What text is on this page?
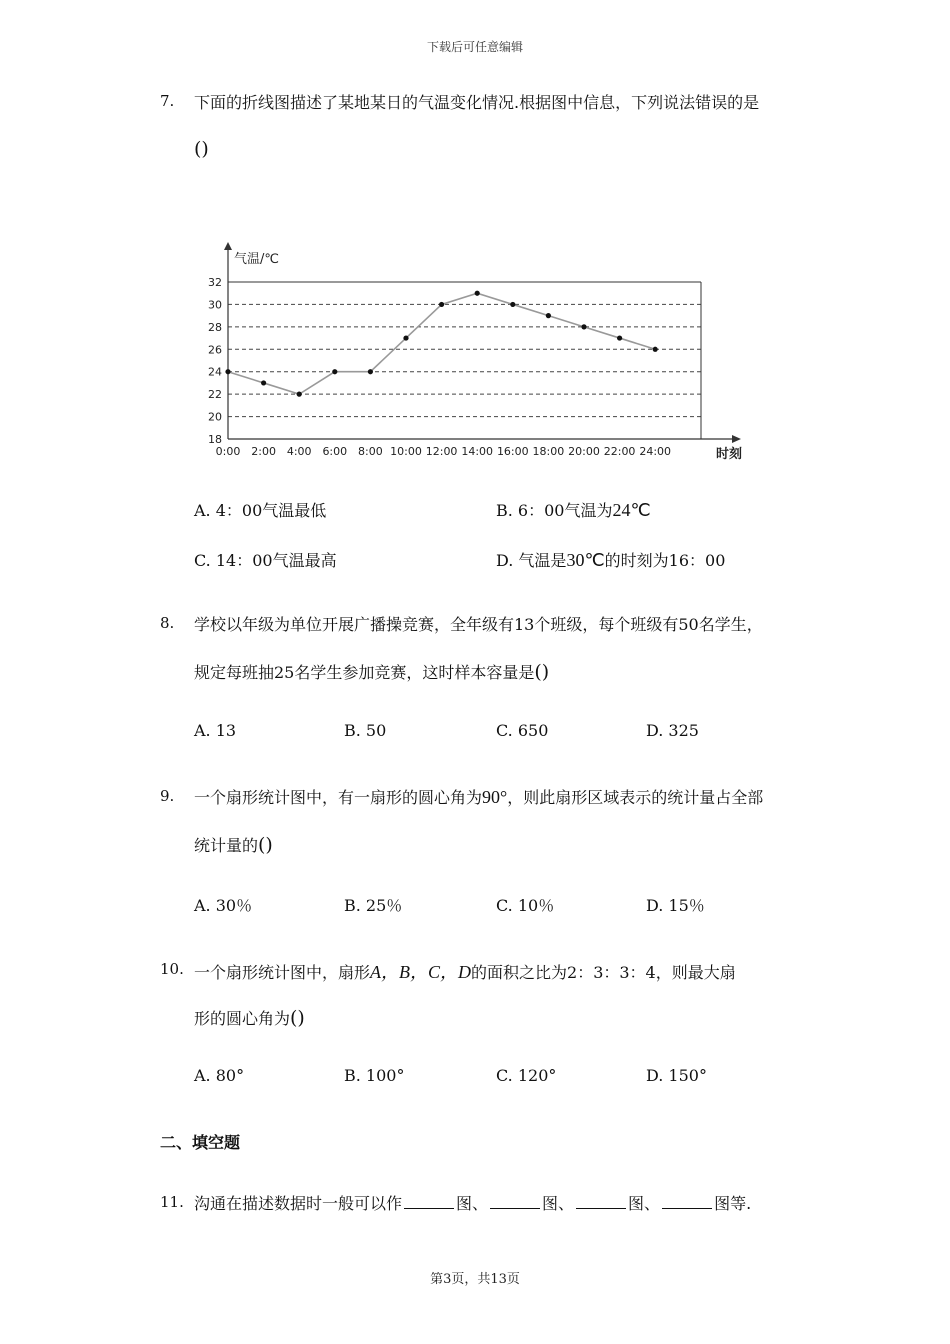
下载后可任意编辑
7. 下面的折线图描述了某地某日的气温变化情况.根据图中信息，下列说法错误的是
()
18
20
22
24
26
28
30
32
0:00 2:00 4:00 6:00 8:00 10:00 12:00 14:00 16:00 18:00 20:00 22:00 24:00
气温/℃
时刻
A. 4：00气温最低	B. 6：00气温为24℃
C. 14：00气温最高	D. 气温是30℃的时刻为16：00
8. 学校以年级为单位开展广播操竞赛，全年级有13个班级，每个班级有50名学生，
规定每班抽25名学生参加竞赛，这时样本容量是()
A. 13	B. 50	C. 650	D. 325
9. 一个扇形统计图中，有一扇形的圆心角为90°，则此扇形区域表示的统计量占全部
统计量的()
A. 30％	B. 25％	C. 10％	D. 15％
10. 一个扇形统计图中，扇形A，B，C，D的面积之比为2：3：3：4，则最大扇
形的圆心角为()
A. 80°	B. 100°	C. 120°	D. 150°
二、填空题
11. 沟通在描述数据时一般可以作	图、	图、	图、	图等.
第3页，共13页
